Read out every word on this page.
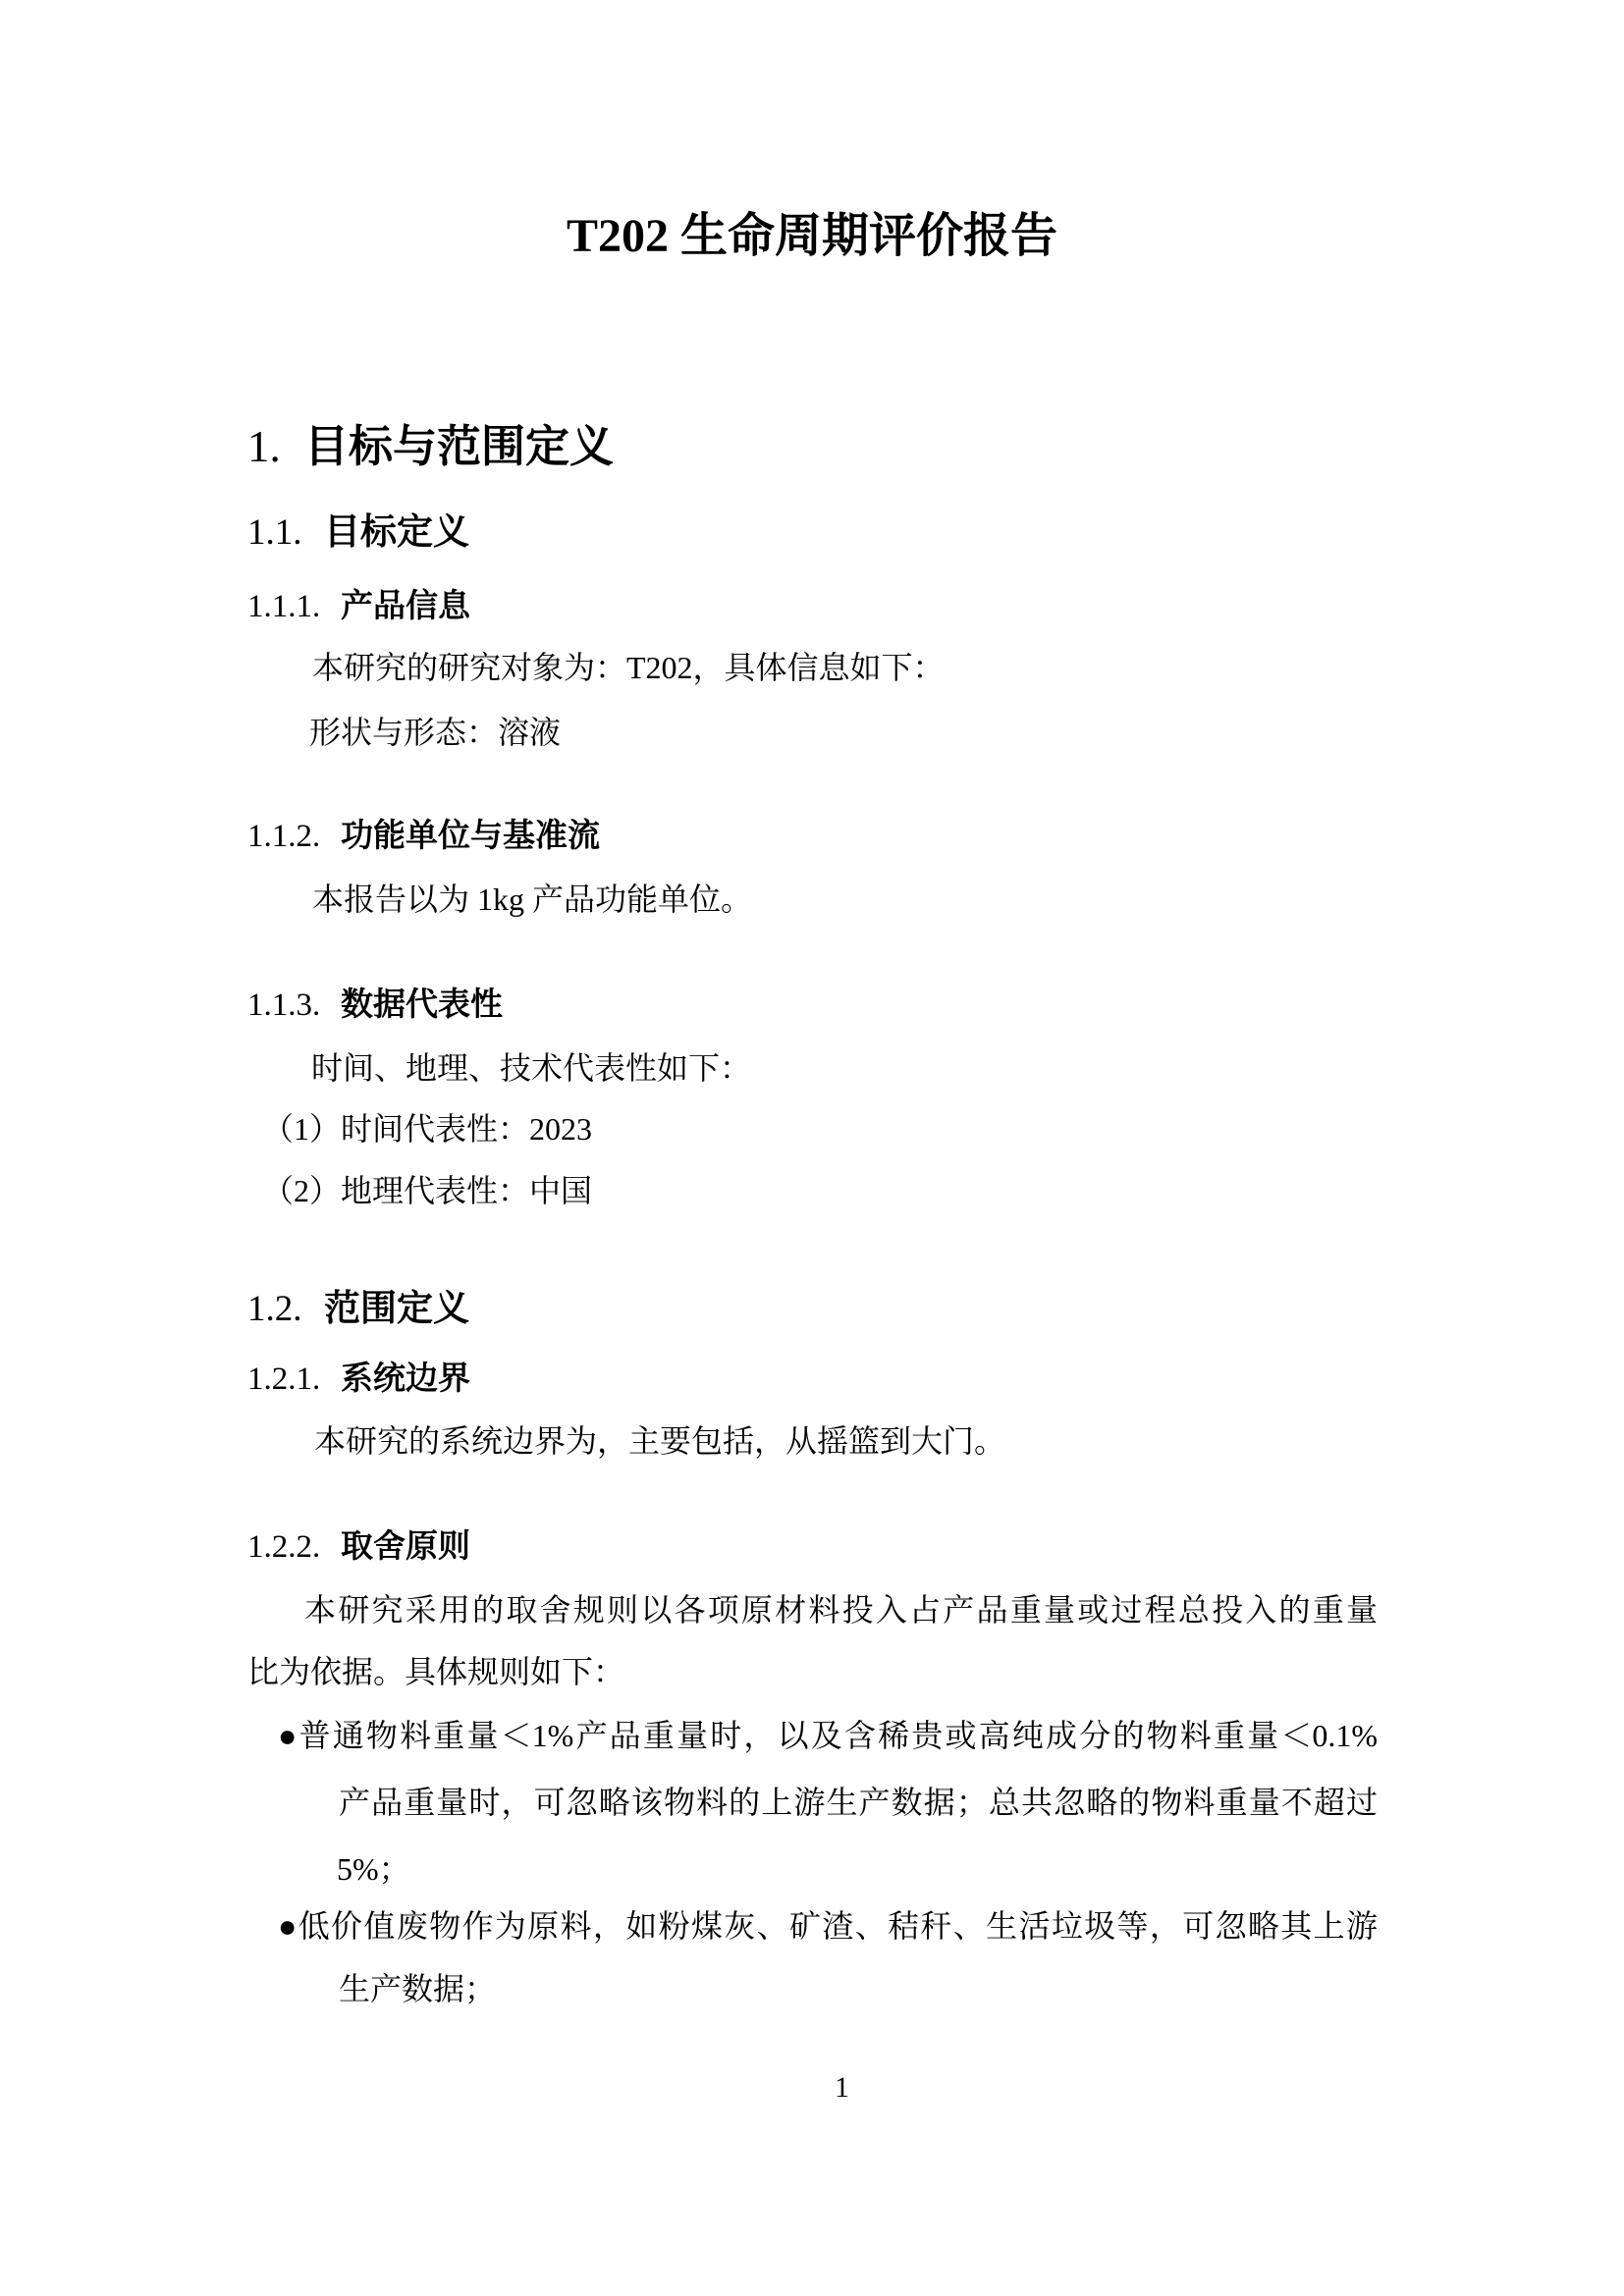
T202 生命周期评价报告
1. 目标与范围定义
1.1. 目标定义
1.1.1. 产品信息
本研究的研究对象为：T202，具体信息如下：
形状与形态：溶液
1.1.2. 功能单位与基准流
本报告以为 1kg 产品功能单位。
1.1.3. 数据代表性
时间、地理、技术代表性如下：
（1）时间代表性：2023
（2）地理代表性：中国
1.2. 范围定义
1.2.1. 系统边界
本研究的系统边界为，主要包括，从摇篮到大门。
1.2.2. 取舍原则
本研究采用的取舍规则以各项原材料投入占产品重量或过程总投入的重量
比为依据。具体规则如下：
●普通物料重量＜1%产品重量时，以及含稀贵或高纯成分的物料重量＜0.1%
产品重量时，可忽略该物料的上游生产数据；总共忽略的物料重量不超过
5%；
●低价值废物作为原料，如粉煤灰、矿渣、秸秆、生活垃圾等，可忽略其上游
生产数据；
1
